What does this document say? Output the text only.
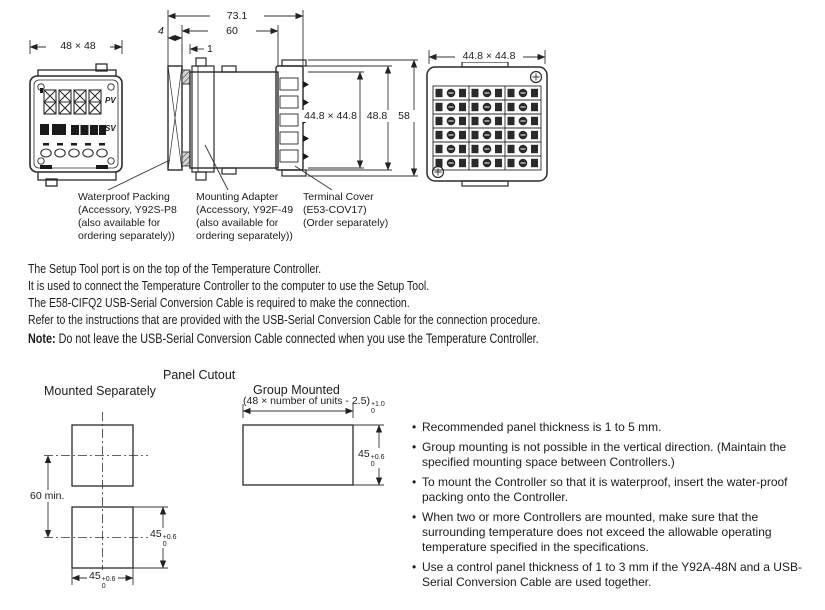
48 × 48
PV
SV
73.1
60
4
1
44.8 × 44.8 48.8	58
44.8 × 44.8
Waterproof Packing
(Accessory, Y92S-P8
(also available for
ordering separately))
Mounting Adapter
(Accessory, Y92F-49
(also available for
ordering separately))
Terminal Cover
(E53-COV17)
(Order separately)
The Setup Tool port is on the top of the Temperature Controller.
It is used to connect the Temperature Controller to the computer to use the Setup Tool.
The E58-CIFQ2 USB-Serial Conversion Cable is required to make the connection.
Refer to the instructions that are provided with the USB-Serial Conversion Cable for the connection procedure.
Note: Do not leave the USB-Serial Conversion Cable connected when you use the Temperature Controller.
Panel Cutout
Mounted Separately	Group Mounted
(48 × number of units - 2.5) +1.0
0
60 min.
45 +0.6
0
45 +0.6
0
45 +0.6
0
• Recommended panel thickness is 1 to 5 mm.
• Group mounting is not possible in the vertical direction. (Maintain the specified mounting space between Controllers.)
• To mount the Controller so that it is waterproof, insert the water-proof packing onto the Controller.
• When two or more Controllers are mounted, make sure that the surrounding temperature does not exceed the allowable operating temperature specified in the specifications.
• Use a control panel thickness of 1 to 3 mm if the Y92A-48N and a USB-Serial Conversion Cable are used together.
